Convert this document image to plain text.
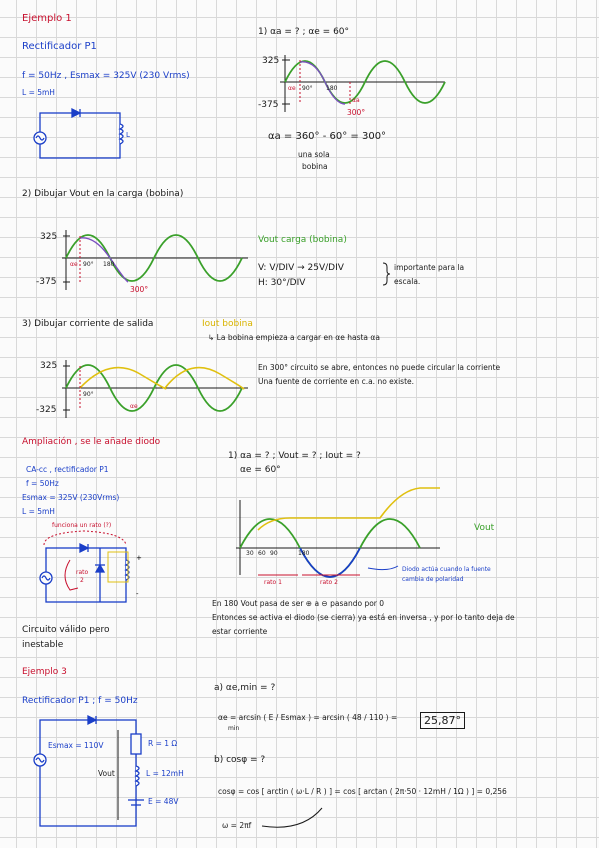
Ejemplo 1
Rectificador P1
f = 50Hz , Esmax = 325V (230 Vrms)
L = 5mH
L
1) αa = ? ; αe = 60°
325
-375
90° 180
αe
αa
300°
αa = 360° - 60° = 300°
una sola
bobina
2) Dibujar Vout en la carga (bobina)
325
-375
90° 180
αe
300°
Vout carga (bobina)
V: V/DIV → 25V/DIV
H: 30°/DIV
importante para la
escala.
3) Dibujar corriente de salida	Iout bobina
↳ La bobina empieza a cargar en αe hasta αa
325
-325
90°
αe
En 300° circuito se abre, entonces no puede circular la corriente
Una fuente de corriente en c.a. no existe.
Ampliación , se le añade diodo
CA-cc , rectificador P1
f = 50Hz
Esmax = 325V (230Vrms)
L = 5mH
funciona un rato (?)
+
-
rato
2
Circuito válido pero
inestable
1) αa = ? ; Vout = ? ; Iout = ?
αe = 60°
Vout
30 60 90	180
rato 1	rato 2
Diodo actúa cuando la fuente
cambia de polaridad
En 180 Vout pasa de ser ⊕ a ⊖ pasando por 0
Entonces se activa el diodo (se cierra) ya está en inversa , y por lo tanto deja de
estar corriente
Ejemplo 3
Rectificador P1 ; f = 50Hz
Esmax = 110V	R = 1 Ω
L = 12mH
E = 48V
Vout
a) αe,min = ?
αe = arcsin ( E / Esmax ) = arcsin ( 48 / 110 ) =
min
25,87°
b) cosφ = ?
cosφ = cos [ arctin ( ω·L / R ) ] = cos [ arctan ( 2π·50 · 12mH / 1Ω ) ] = 0,256
ω = 2πf
